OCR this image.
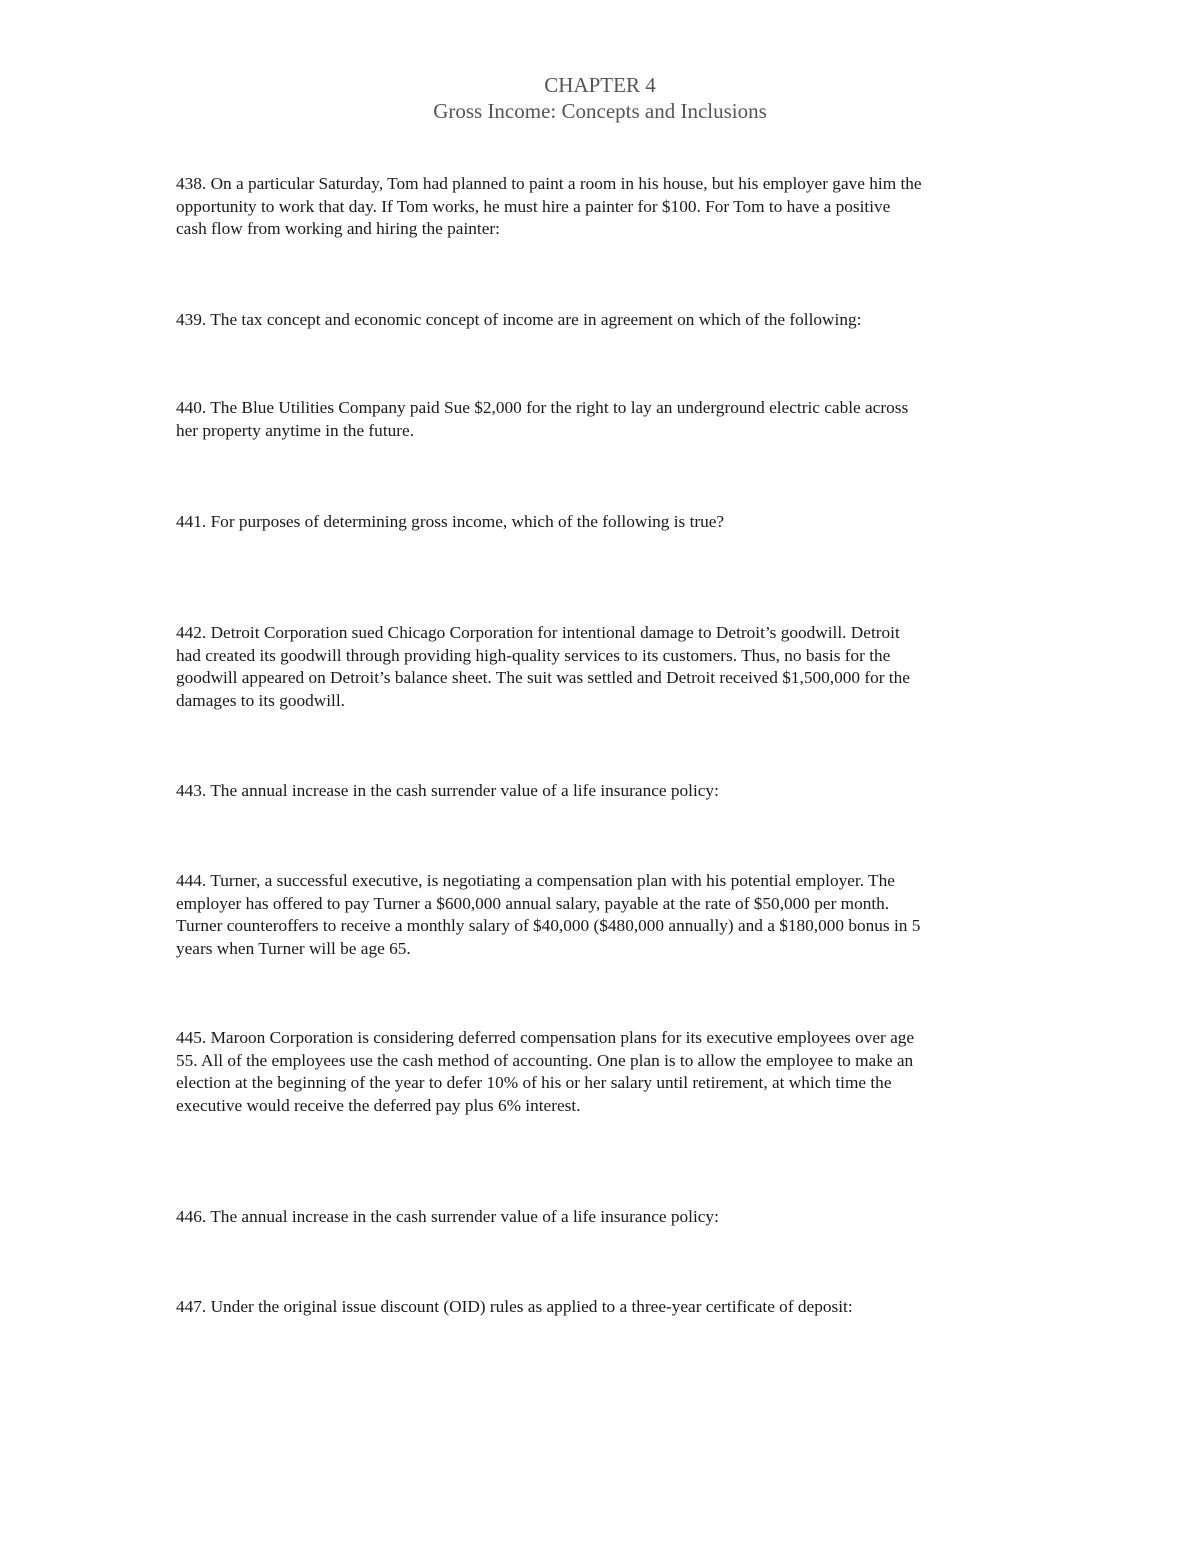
CHAPTER 4
Gross Income: Concepts and Inclusions
438. On a particular Saturday, Tom had planned to paint a room in his house, but his employer gave him the
opportunity to work that day. If Tom works, he must hire a painter for $100. For Tom to have a positive
cash flow from working and hiring the painter:
439. The tax concept and economic concept of income are in agreement on which of the following:
440. The Blue Utilities Company paid Sue $2,000 for the right to lay an underground electric cable across
her property anytime in the future.
441. For purposes of determining gross income, which of the following is true?
442. Detroit Corporation sued Chicago Corporation for intentional damage to Detroit’s goodwill. Detroit
had created its goodwill through providing high-quality services to its customers. Thus, no basis for the
goodwill appeared on Detroit’s balance sheet. The suit was settled and Detroit received $1,500,000 for the
damages to its goodwill.
443. The annual increase in the cash surrender value of a life insurance policy:
444. Turner, a successful executive, is negotiating a compensation plan with his potential employer. The
employer has offered to pay Turner a $600,000 annual salary, payable at the rate of $50,000 per month.
Turner counteroffers to receive a monthly salary of $40,000 ($480,000 annually) and a $180,000 bonus in 5
years when Turner will be age 65.
445. Maroon Corporation is considering deferred compensation plans for its executive employees over age
55. All of the employees use the cash method of accounting. One plan is to allow the employee to make an
election at the beginning of the year to defer 10% of his or her salary until retirement, at which time the
executive would receive the deferred pay plus 6% interest.
446. The annual increase in the cash surrender value of a life insurance policy:
447. Under the original issue discount (OID) rules as applied to a three-year certificate of deposit:
